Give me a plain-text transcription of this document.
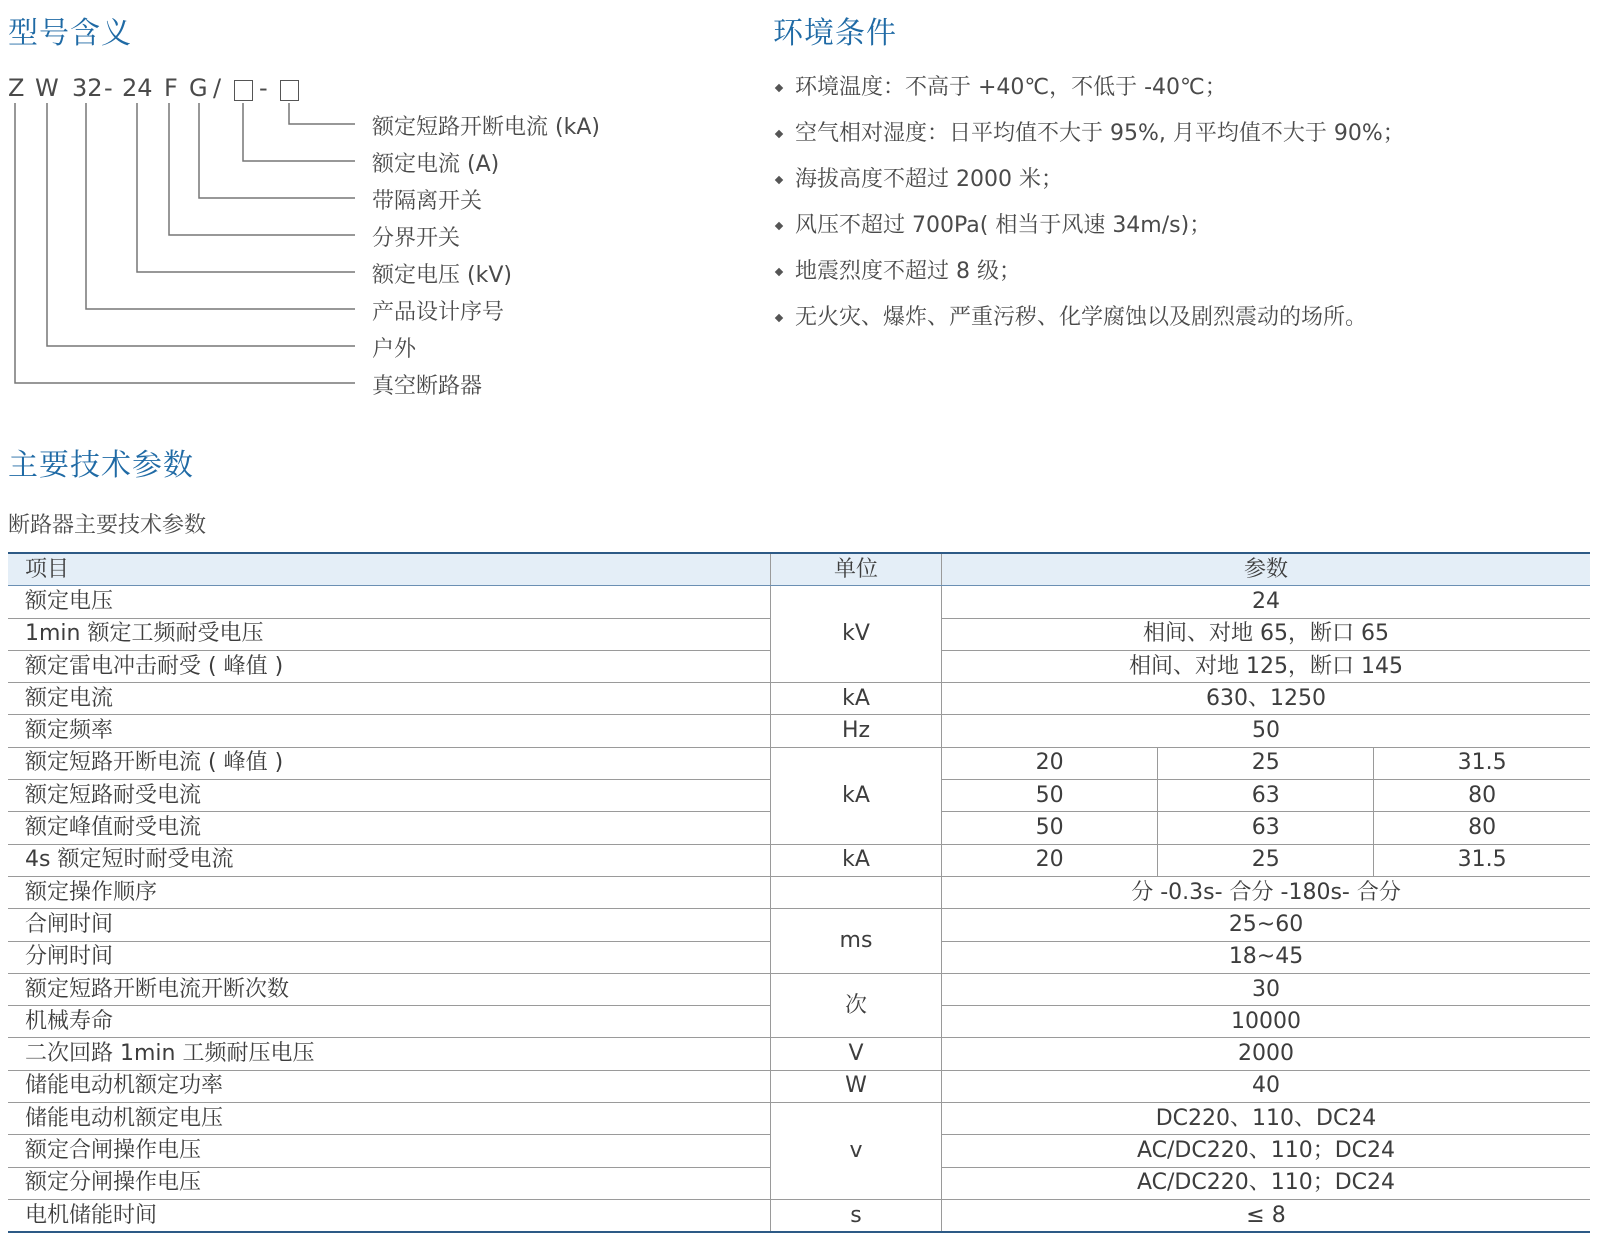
型号含义
Z W 32 - 24 F G / -
额定短路开断电流 (kA)
额定电流 (A)
带隔离开关
分界开关
额定电压 (kV)
产品设计序号
户外
真空断路器
环境条件
环境温度：不高于 +40℃，不低于 -40℃；
空气相对湿度：日平均值不大于 95%, 月平均值不大于 90%；
海拔高度不超过 2000 米；
风压不超过 700Pa( 相当于风速 34m/s)；
地震烈度不超过 8 级；
无火灾、爆炸、严重污秽、化学腐蚀以及剧烈震动的场所。
主要技术参数
断路器主要技术参数
项目	单位	参数		
额定电压	kV	24		
1min 额定工频耐受电压		相间、对地 65，断口 65		
额定雷电冲击耐受 ( 峰值 )		相间、对地 125，断口 145		
额定电流	kA	630、1250		
额定频率	Hz	50		
额定短路开断电流 ( 峰值 )	kA	20	25	31.5
额定短路耐受电流		50	63	80
额定峰值耐受电流		50	63	80
4s 额定短时耐受电流	kA	20	25	31.5
额定操作顺序		分 -0.3s- 合分 -180s- 合分		
合闸时间	ms	25~60		
分闸时间		18~45		
额定短路开断电流开断次数	次	30		
机械寿命		10000		
二次回路 1min 工频耐压电压	V	2000		
储能电动机额定功率	W	40		
储能电动机额定电压	v	DC220、110、DC24		
额定合闸操作电压		AC/DC220、110；DC24		
额定分闸操作电压		AC/DC220、110；DC24		
电机储能时间	s	≤ 8		
